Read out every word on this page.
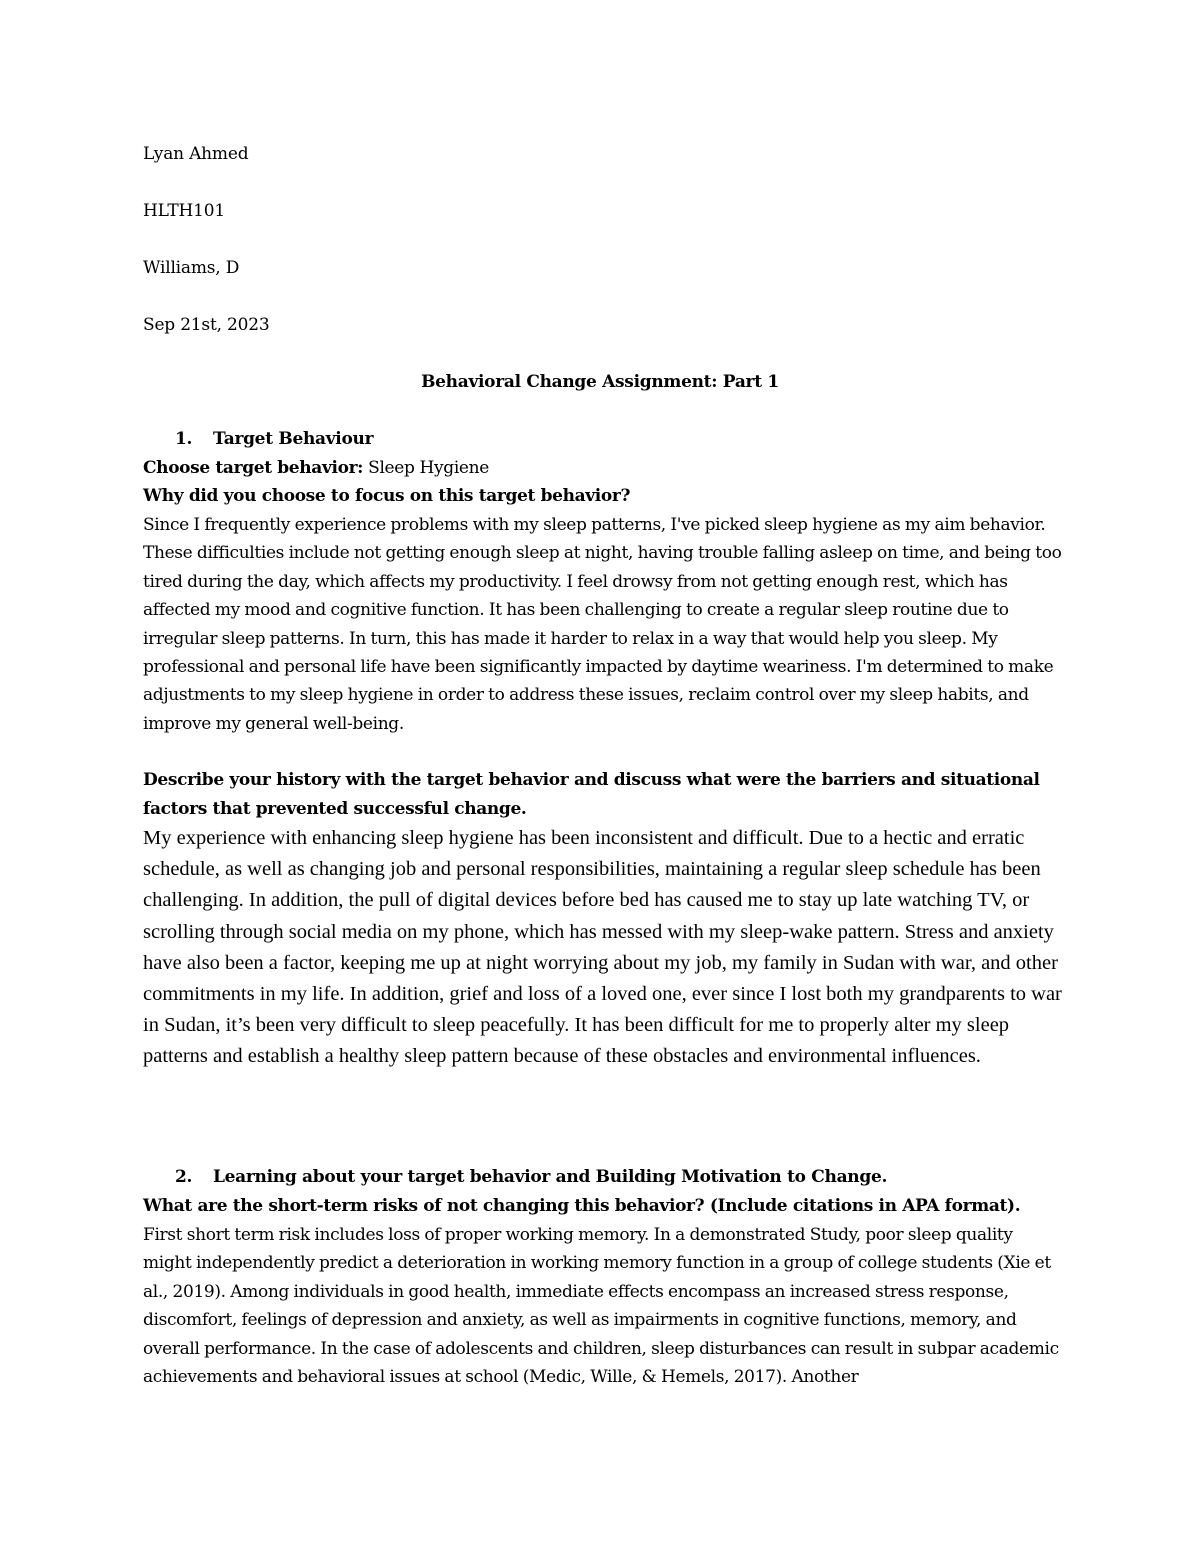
Lyan Ahmed
HLTH101
Williams, D
Sep 21st, 2023
Behavioral Change Assignment: Part 1
1. Target Behaviour
Choose target behavior: Sleep Hygiene
Why did you choose to focus on this target behavior?
Since I frequently experience problems with my sleep patterns, I've picked sleep hygiene as my aim behavior. These difficulties include not getting enough sleep at night, having trouble falling asleep on time, and being too tired during the day, which affects my productivity. I feel drowsy from not getting enough rest, which has affected my mood and cognitive function. It has been challenging to create a regular sleep routine due to irregular sleep patterns. In turn, this has made it harder to relax in a way that would help you sleep. My professional and personal life have been significantly impacted by daytime weariness. I'm determined to make adjustments to my sleep hygiene in order to address these issues, reclaim control over my sleep habits, and improve my general well-being.
Describe your history with the target behavior and discuss what were the barriers and situational factors that prevented successful change.
My experience with enhancing sleep hygiene has been inconsistent and difficult. Due to a hectic and erratic schedule, as well as changing job and personal responsibilities, maintaining a regular sleep schedule has been challenging. In addition, the pull of digital devices before bed has caused me to stay up late watching TV, or scrolling through social media on my phone, which has messed with my sleep-wake pattern. Stress and anxiety have also been a factor, keeping me up at night worrying about my job, my family in Sudan with war, and other commitments in my life. In addition, grief and loss of a loved one, ever since I lost both my grandparents to war in Sudan, it’s been very difficult to sleep peacefully. It has been difficult for me to properly alter my sleep patterns and establish a healthy sleep pattern because of these obstacles and environmental influences.
2. Learning about your target behavior and Building Motivation to Change.
What are the short-term risks of not changing this behavior? (Include citations in APA format).
First short term risk includes loss of proper working memory. In a demonstrated Study, poor sleep quality might independently predict a deterioration in working memory function in a group of college students (Xie et al., 2019). Among individuals in good health, immediate effects encompass an increased stress response, discomfort, feelings of depression and anxiety, as well as impairments in cognitive functions, memory, and overall performance. In the case of adolescents and children, sleep disturbances can result in subpar academic achievements and behavioral issues at school (Medic, Wille, & Hemels, 2017). Another
